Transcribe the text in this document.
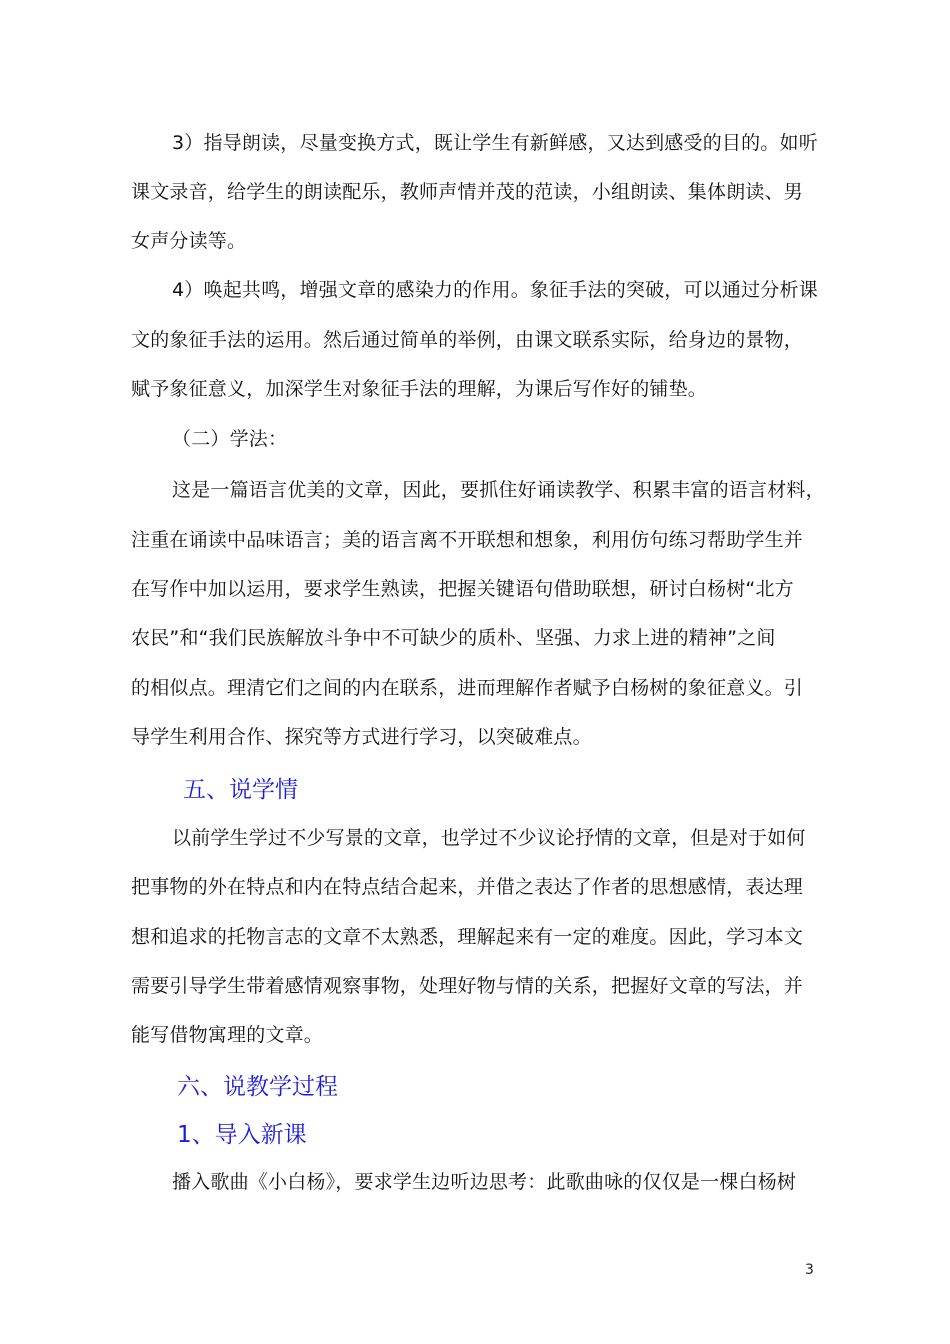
3）指导朗读，尽量变换方式，既让学生有新鲜感，又达到感受的目的。如听
课文录音，给学生的朗读配乐，教师声情并茂的范读，小组朗读、集体朗读、男
女声分读等。
4）唤起共鸣，增强文章的感染力的作用。象征手法的突破，可以通过分析课
文的象征手法的运用。然后通过简单的举例，由课文联系实际，给身边的景物，
赋予象征意义，加深学生对象征手法的理解，为课后写作好的铺垫。
（二）学法：
这是一篇语言优美的文章，因此，要抓住好诵读教学、积累丰富的语言材料，
注重在诵读中品味语言；美的语言离不开联想和想象，利用仿句练习帮助学生并
在写作中加以运用，要求学生熟读，把握关键语句借助联想，研讨白杨树“北方
农民”和“我们民族解放斗争中不可缺少的质朴、坚强、力求上进的精神”之间
的相似点。理清它们之间的内在联系，进而理解作者赋予白杨树的象征意义。引
导学生利用合作、探究等方式进行学习，以突破难点。
五、说学情
以前学生学过不少写景的文章，也学过不少议论抒情的文章，但是对于如何
把事物的外在特点和内在特点结合起来，并借之表达了作者的思想感情，表达理
想和追求的托物言志的文章不太熟悉，理解起来有一定的难度。因此，学习本文
需要引导学生带着感情观察事物，处理好物与情的关系，把握好文章的写法，并
能写借物寓理的文章。
六、说教学过程
1、导入新课
播入歌曲《小白杨》，要求学生边听边思考：此歌曲咏的仅仅是一棵白杨树
3
